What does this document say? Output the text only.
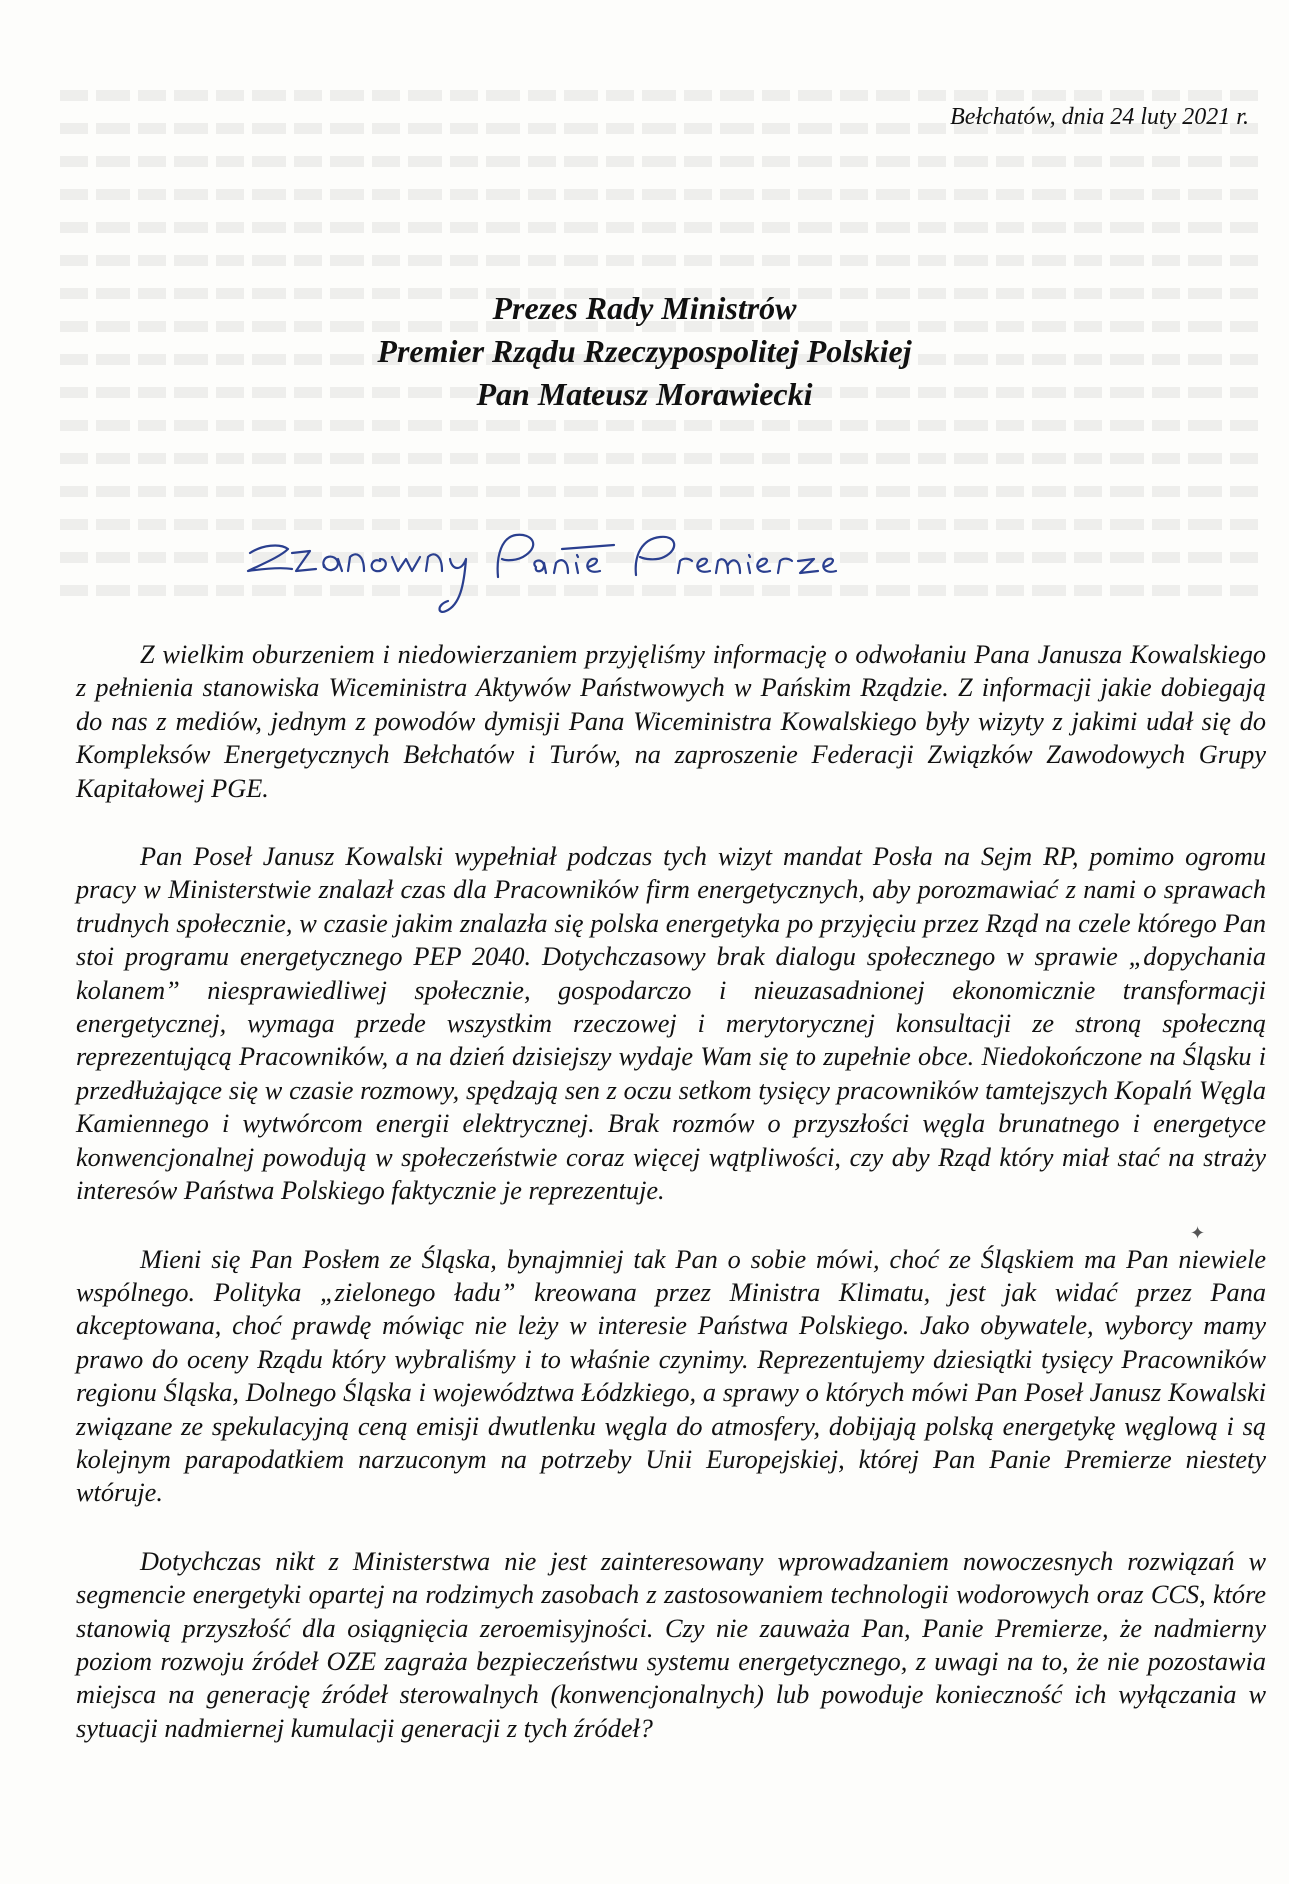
Bełchatów, dnia 24 luty 2021 r.
Prezes Rady Ministrów
Premier Rządu Rzeczypospolitej Polskiej
Pan Mateusz Morawiecki

Z wielkim oburzeniem i niedowierzaniem przyjęliśmy informację o odwołaniu Pana Janusza Kowalskiego z pełnienia stanowiska Wiceministra Aktywów Państwowych w Pańskim Rządzie. Z informacji jakie dobiegają do nas z mediów, jednym z powodów dymisji Pana Wiceministra Kowalskiego były wizyty z jakimi udał się do Kompleksów Energetycznych Bełchatów i Turów, na zaproszenie Federacji Związków Zawodowych Grupy Kapitałowej PGE.

Pan Poseł Janusz Kowalski wypełniał podczas tych wizyt mandat Posła na Sejm RP, pomimo ogromu pracy w Ministerstwie znalazł czas dla Pracowników firm energetycznych, aby porozmawiać z nami o sprawach trudnych społecznie, w czasie jakim znalazła się polska energetyka po przyjęciu przez Rząd na czele którego Pan stoi programu energetycznego PEP 2040. Dotychczasowy brak dialogu społecznego w sprawie „dopychania kolanem” niesprawiedliwej społecznie, gospodarczo i nieuzasadnionej ekonomicznie transformacji energetycznej, wymaga przede wszystkim rzeczowej i merytorycznej konsultacji ze stroną społeczną reprezentującą Pracowników, a na dzień dzisiejszy wydaje Wam się to zupełnie obce. Niedokończone na Śląsku i przedłużające się w czasie rozmowy, spędzają sen z oczu setkom tysięcy pracowników tamtejszych Kopalń Węgla Kamiennego i wytwórcom energii elektrycznej. Brak rozmów o przyszłości węgla brunatnego i energetyce konwencjonalnej powodują w społeczeństwie coraz więcej wątpliwości, czy aby Rząd który miał stać na straży interesów Państwa Polskiego faktycznie je reprezentuje.

Mieni się Pan Posłem ze Śląska, bynajmniej tak Pan o sobie mówi, choć ze Śląskiem ma Pan niewiele wspólnego. Polityka „zielonego ładu” kreowana przez Ministra Klimatu, jest jak widać przez Pana akceptowana, choć prawdę mówiąc nie leży w interesie Państwa Polskiego. Jako obywatele, wyborcy mamy prawo do oceny Rządu który wybraliśmy i to właśnie czynimy. Reprezentujemy dziesiątki tysięcy Pracowników regionu Śląska, Dolnego Śląska i województwa Łódzkiego, a sprawy o których mówi Pan Poseł Janusz Kowalski związane ze spekulacyjną ceną emisji dwutlenku węgla do atmosfery, dobijają polską energetykę węglową i są kolejnym parapodatkiem narzuconym na potrzeby Unii Europejskiej, której Pan Panie Premierze niestety wtóruje.

Dotychczas nikt z Ministerstwa nie jest zainteresowany wprowadzaniem nowoczesnych rozwiązań w segmencie energetyki opartej na rodzimych zasobach z zastosowaniem technologii wodorowych oraz CCS, które stanowią przyszłość dla osiągnięcia zeroemisyjności. Czy nie zauważa Pan, Panie Premierze, że nadmierny poziom rozwoju źródeł OZE zagraża bezpieczeństwu systemu energetycznego, z uwagi na to, że nie pozostawia miejsca na generację źródeł sterowalnych (konwencjonalnych) lub powoduje konieczność ich wyłączania w sytuacji nadmiernej kumulacji generacji z tych źródeł?

✦
